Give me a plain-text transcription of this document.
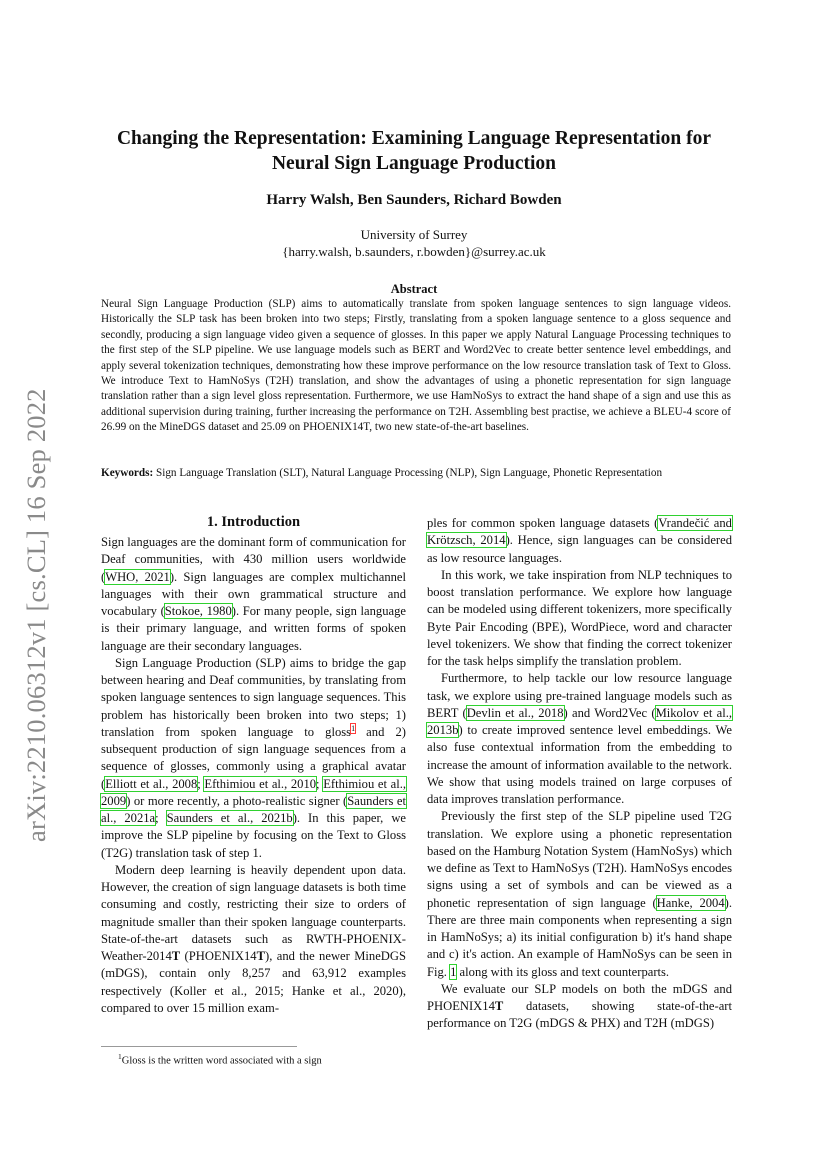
arXiv:2210.06312v1 [cs.CL] 16 Sep 2022
Changing the Representation: Examining Language Representation for
Neural Sign Language Production
Harry Walsh, Ben Saunders, Richard Bowden
University of Surrey
{harry.walsh, b.saunders, r.bowden}@surrey.ac.uk
Abstract
Neural Sign Language Production (SLP) aims to automatically translate from spoken language sentences to sign language videos. Historically the SLP task has been broken into two steps; Firstly, translating from a spoken language sentence to a gloss sequence and secondly, producing a sign language video given a sequence of glosses. In this paper we apply Natural Language Processing techniques to the first step of the SLP pipeline. We use language models such as BERT and Word2Vec to create better sentence level embeddings, and apply several tokenization techniques, demonstrating how these improve performance on the low resource translation task of Text to Gloss. We introduce Text to HamNoSys (T2H) translation, and show the advantages of using a phonetic representation for sign language translation rather than a sign level gloss representation. Furthermore, we use HamNoSys to extract the hand shape of a sign and use this as additional supervision during training, further increasing the performance on T2H. Assembling best practise, we achieve a BLEU-4 score of 26.99 on the MineDGS dataset and 25.09 on PHOENIX14T, two new state-of-the-art baselines.
Keywords: Sign Language Translation (SLT), Natural Language Processing (NLP), Sign Language, Phonetic Representation
1. Introduction

Sign languages are the dominant form of communication for Deaf communities, with 430 million users worldwide (WHO, 2021). Sign languages are complex multichannel languages with their own grammatical structure and vocabulary (Stokoe, 1980). For many people, sign language is their primary language, and written forms of spoken language are their secondary languages.

Sign Language Production (SLP) aims to bridge the gap between hearing and Deaf communities, by translating from spoken language sentences to sign language sequences. This problem has historically been broken into two steps; 1) translation from spoken language to gloss$^1$ and 2) subsequent production of sign language sequences from a sequence of glosses, commonly using a graphical avatar (Elliott et al., 2008; Efthimiou et al., 2010; Efthimiou et al., 2009) or more recently, a photo-realistic signer (Saunders et al., 2021a; Saunders et al., 2021b). In this paper, we improve the SLP pipeline by focusing on the Text to Gloss (T2G) translation task of step 1.

Modern deep learning is heavily dependent upon data. However, the creation of sign language datasets is both time consuming and costly, restricting their size to orders of magnitude smaller than their spoken language counterparts. State-of-the-art datasets such as RWTH-PHOENIX-Weather-2014T (PHOENIX14T), and the newer MineDGS (mDGS), contain only 8,257 and 63,912 examples respectively (Koller et al., 2015; Hanke et al., 2020), compared to over 15 million exam-

ples for common spoken language datasets (Vrandečić and Krötzsch, 2014). Hence, sign languages can be considered as low resource languages.

In this work, we take inspiration from NLP techniques to boost translation performance. We explore how language can be modeled using different tokenizers, more specifically Byte Pair Encoding (BPE), WordPiece, word and character level tokenizers. We show that finding the correct tokenizer for the task helps simplify the translation problem.

Furthermore, to help tackle our low resource language task, we explore using pre-trained language models such as BERT (Devlin et al., 2018) and Word2Vec (Mikolov et al., 2013b) to create improved sentence level embeddings. We also fuse contextual information from the embedding to increase the amount of information available to the network. We show that using models trained on large corpuses of data improves translation performance.

Previously the first step of the SLP pipeline used T2G translation. We explore using a phonetic representation based on the Hamburg Notation System (HamNoSys) which we define as Text to HamNoSys (T2H). HamNoSys encodes signs using a set of symbols and can be viewed as a phonetic representation of sign language (Hanke, 2004). There are three main components when representing a sign in HamNoSys; a) its initial configuration b) it's hand shape and c) it's action. An example of HamNoSys can be seen in Fig. 1 along with its gloss and text counterparts.

We evaluate our SLP models on both the mDGS and PHOENIX14T datasets, showing state-of-the-art performance on T2G (mDGS & PHX) and T2H (mDGS)

$^1$Gloss is the written word associated with a sign
